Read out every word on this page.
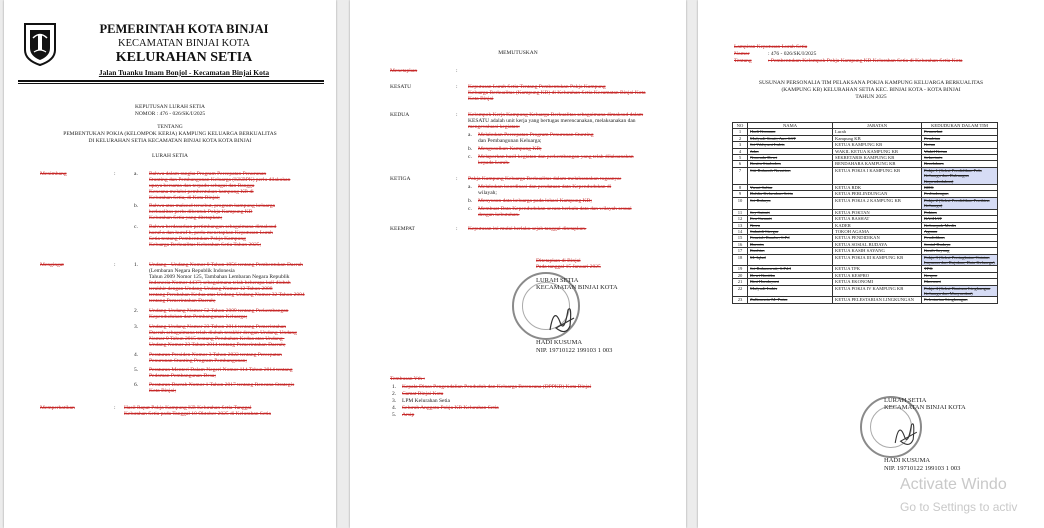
PEMERINTAH KOTA BINJAI
KECAMATAN BINJAI KOTA
KELURAHAN SETIA
Jalan Tuanku Imam Bonjol - Kecamatan Binjai Kota
KEPUTUSAN LURAH SETIA
NOMOR : 476 - 026/SK/I/2025
TENTANG
PEMBENTUKAN POKJA (KELOMPOK KERJA) KAMPUNG KELUARGA BERKUALITAS
DI KELURAHAN SETIA KECAMATAN BINJAI KOTA KOTA BINJAI
LURAH SETIA
Menimbang	:	a. Bahwa dalam rangka Program Percepatan Penurunan
Stunting dan Pembangunan Keluarga (KKBPK) perlu dilakukan
upaya bersama dan terpadu sebagai dan Bangga
Kencana melalui pembentukan kampung KB di
Kelurahan Setia, di Kota Binjai;
b. Bahwa atas maksud tersebut, program kampung keluarga
berkualitas perlu dibentuk Pokja Kampung KB
Kelurahan Setia yang ditetapkan;
c. Bahwa berdasarkan pertimbangan sebagaimana dimaksud
huruf a dan huruf b, perlu menetapkan Keputusan Lurah
Setia tentang Pembentukan Pokja Kampung
Keluarga Berkualitas Kelurahan Setia Tahun 2025;
Mengingat	:	1. Undang - Undang Nomor 9 Tahun 1956 tentang Pembentukan Daerah
(Lembaran Negara Republik Indonesia
Tahun 2009 Nomor 125, Tambahan Lembaran Negara Republik
Indonesia Nomor 4437) sebagaimana telah beberapa kali diubah
terakhir dengan Undang-Undang Nomor 12 Tahun 2008
tentang Perubahan Kedua atas Undang-Undang Nomor 32 Tahun 2004
tentang Pemerintahan Daerah;
2. Undang-Undang Nomor 52 Tahun 2009 tentang Perkembangan
Kependudukan dan Pembangunan Keluarga;
3. Undang-Undang Nomor 23 Tahun 2014 tentang Pemerintahan
Daerah sebagaimana telah diubah terakhir dengan Undang-Undang
Nomor 9 Tahun 2015 tentang Perubahan Kedua atas Undang-
Undang Nomor 23 Tahun 2014 tentang Pemerintahan Daerah;
4. Peraturan Presiden Nomor 3 Tahun 2022 tentang Percepatan
Penurunan Stunting Program Pembangunan;
5. Peraturan Menteri Dalam Negeri Nomor 114 Tahun 2014 tentang
Pedoman Pembangunan Desa;
6. Peraturan Daerah Nomor 1 Tahun 2017 tentang Rencana Strategis
Kota Binjai;
Memperhatikan	: Hasil Rapat Pokja Kampung KB Kelurahan Setia Tanggal
Kelurahan Setia pada Tanggal 10 Oktober 2025 di Kelurahan Setia
MEMUTUSKAN
Menetapkan	:
KESATU	: Keputusan Lurah Setia Tentang Pembentukan Pokja Kampung
Keluarga Berkualitas (Kampung KB) di Kelurahan Setia Kecamatan Binjai Kota
Kota Binjai
KEDUA	: Kelompok Kerja Kampung Keluarga Berkualitas sebagaimana dimaksud dalam
KESATU adalah unit kerja yang bertugas merencanakan, melaksanakan dan
mengevaluasi kegiatan:
a. Melakukan Percepatan Program Penurunan Stunting
dan Pembangunan Keluarga;
b. Mengusulkan Kampung KB;
c. Melaporkan hasil kegiatan dan perkembangan yang telah dilaksanakan
kepada Lurah.
KETIGA	: Pokja Kampung Keluarga Berkualitas dalam melaksanakan tugasnya:
a. Melakukan koordinasi dan pendataan data Kependudukan di
wilayah;
b. Menyusun data keluarga pada lokasi Kampung KB;
c. Membuat Data Kependudukan secara berkala data dan wilayah sesuai
dengan kebutuhan.
KEEMPAT	: Keputusan ini mulai berlaku sejak tanggal ditetapkan.
Ditetapkan di Binjai
Pada tanggal 15 Januari 2025
LURAH SETIA
KECAMATAN BINJAI KOTA
HADI KUSUMA
NIP. 19710122 199103 1 003
Tembusan Yth :
1. Kepala Dinas Pengendalian Penduduk dan Keluarga Berencana (DPPKB) Kota Binjai
2. Camat Binjai Kota
3. LPM Kelurahan Setia
4. Seluruh Anggota Pokja KB Kelurahan Setia
5. Arsip
Lampiran Keputusan Lurah Setia
Nomor	: 476 - 026/SK/I/2025
Tentang	: Pembentukan Kelompok Pokja Kampung KB Kelurahan Setia di Kelurahan Setia Kota
SUSUNAN PERSONALIA TIM PELAKSANA POKJA KAMPUNG KELUARGA BERKUALITAS
(KAMPUNG KB) KELURAHAN SETIA KEC. BINJAI KOTA - KOTA BINJAI
TAHUN 2025
NO	NAMA	JABATAN	KEDUDUKAN DALAM TIM
1	Hadi Kusuma	Lurah	Penasehat
2	Mulyadi Sirait, Am. SST	Kampung KB	Pembina
3	Sri Wahyuni Lubis	KETUA KAMPUNG KB	Ketua
4	Joko	WAKIL KETUA KAMPUNG KB	Wakil Ketua
5	Nurmala Dewi	SEKRETARIS KAMPUNG KB	Sekretaris
6	Rosita Simbolon	BENDAHARA KAMPUNG KB	Bendahara
7	Siti Rahmah Nasution	KETUA POKJA I KAMPUNG KB	Pokja 1 (Seksi Pendidikan Pola Keluarga dan Dukungan Kependudukan)
8	Yusni Salim	KETUA RDK	RDK
9	Dahlia Kelurahan Setia	KETUA PERLINDUNGAN	Perlindungan
10	Sri Rahayu	KETUA POKJA 2 KAMPUNG KB	Pokja 2 (Seksi Pendidikan Pembina Keluarga)
11	Sry Sutarti	KETUA POKTAN	Poktan
12	Eva Susanti	KETUA BASHAT	BASHAT
13	Nova	KADER	Kelompok Medis
14	Suhaidi Siregar	TOKOH AGAMA	Agama
15	Fauziah Rambe, S.Pd	KETUA PENDIDIKAN	Pendidikan
16	Darwin	KETUA SOSIAL BUDAYA	Sosial Budaya
17	Ibrahim	KETUA KASIH SAYANG	Kasih Sayang
18	M. Iqbal	KETUA POKJA III KAMPUNG KB	Pokja 3 (Seksi Peningkatan Catatan Layanan dan Rujukan, Data Keluarga)
19	Sri Rahmawati, S.Pd.I	KETUA TPK	TPK
20	Dewi Kartika	KETUA KESPRO	Kespro
21	Rini Handayani	KETUA EKONOMI	Ekonomi
22	Mulyadi Lubis	KETUA POKJA IV KAMPUNG KB	Pokja 4 (Seksi Bantuan Lingkungan Keluarga dan Masyarakat)
23	Zulkarnain M. Putra	KETUA PELESTARIAN LINGKUNGAN	Pelestarian Lingkungan
LURAH SETIA
KECAMATAN BINJAI KOTA
HADI KUSUMA
NIP. 19710122 199103 1 003
Activate Windo
Go to Settings to activ
